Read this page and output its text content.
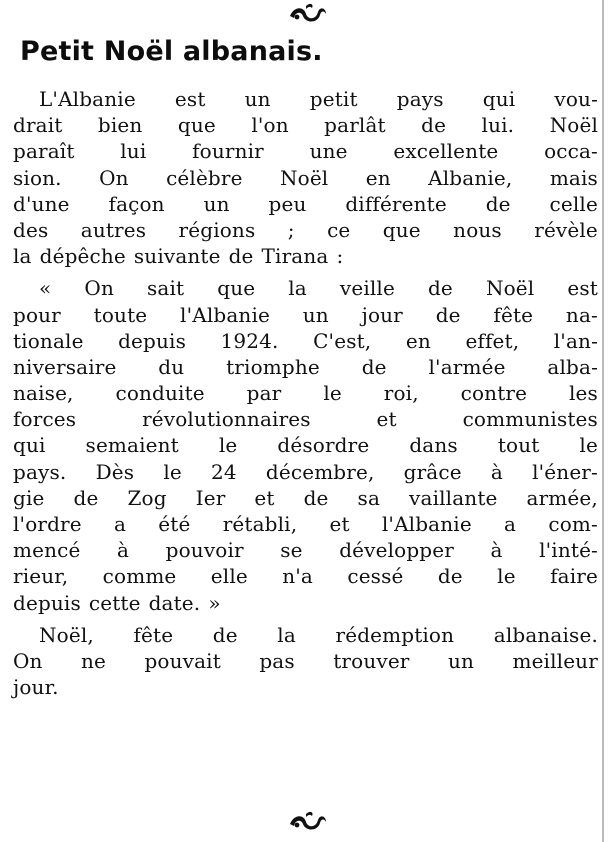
Petit Noël albanais.
L'Albanie est un petit pays qui vou-
drait bien que l'on parlât de lui. Noël
paraît lui fournir une excellente occa-
sion. On célèbre Noël en Albanie, mais
d'une façon un peu différente de celle
des autres régions ; ce que nous révèle
la dépêche suivante de Tirana :
« On sait que la veille de Noël est
pour toute l'Albanie un jour de fête na-
tionale depuis 1924. C'est, en effet, l'an-
niversaire du triomphe de l'armée alba-
naise, conduite par le roi, contre les
forces	révolutionnaires	et	communistes
qui semaient le désordre dans tout le
pays. Dès le 24 décembre, grâce à l'éner-
gie de Zog Ier et de sa vaillante armée,
l'ordre a été rétabli, et l'Albanie a com-
mencé à pouvoir se développer à l'inté-
rieur, comme elle n'a cessé de le faire
depuis cette date. »
Noël, fête de la rédemption albanaise.
On ne pouvait pas trouver un meilleur
jour.
